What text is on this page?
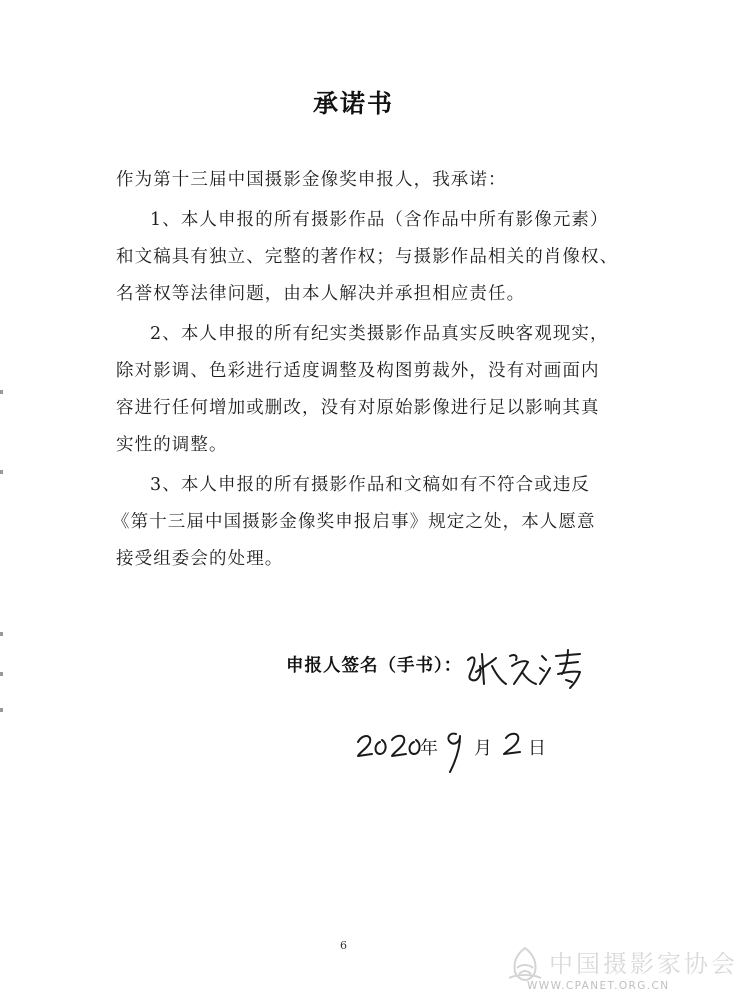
承诺书
作为第十三届中国摄影金像奖申报人，我承诺：
1、本人申报的所有摄影作品（含作品中所有影像元素）
和文稿具有独立、完整的著作权；与摄影作品相关的肖像权、
名誉权等法律问题，由本人解决并承担相应责任。
2、本人申报的所有纪实类摄影作品真实反映客观现实，
除对影调、色彩进行适度调整及构图剪裁外，没有对画面内
容进行任何增加或删改，没有对原始影像进行足以影响其真
实性的调整。
3、本人申报的所有摄影作品和文稿如有不符合或违反
《第十三届中国摄影金像奖申报启事》规定之处，本人愿意
接受组委会的处理。
申报人签名（手书）：
年 月 日
6
中国摄影家协会
WWW.CPANET.ORG.CN
